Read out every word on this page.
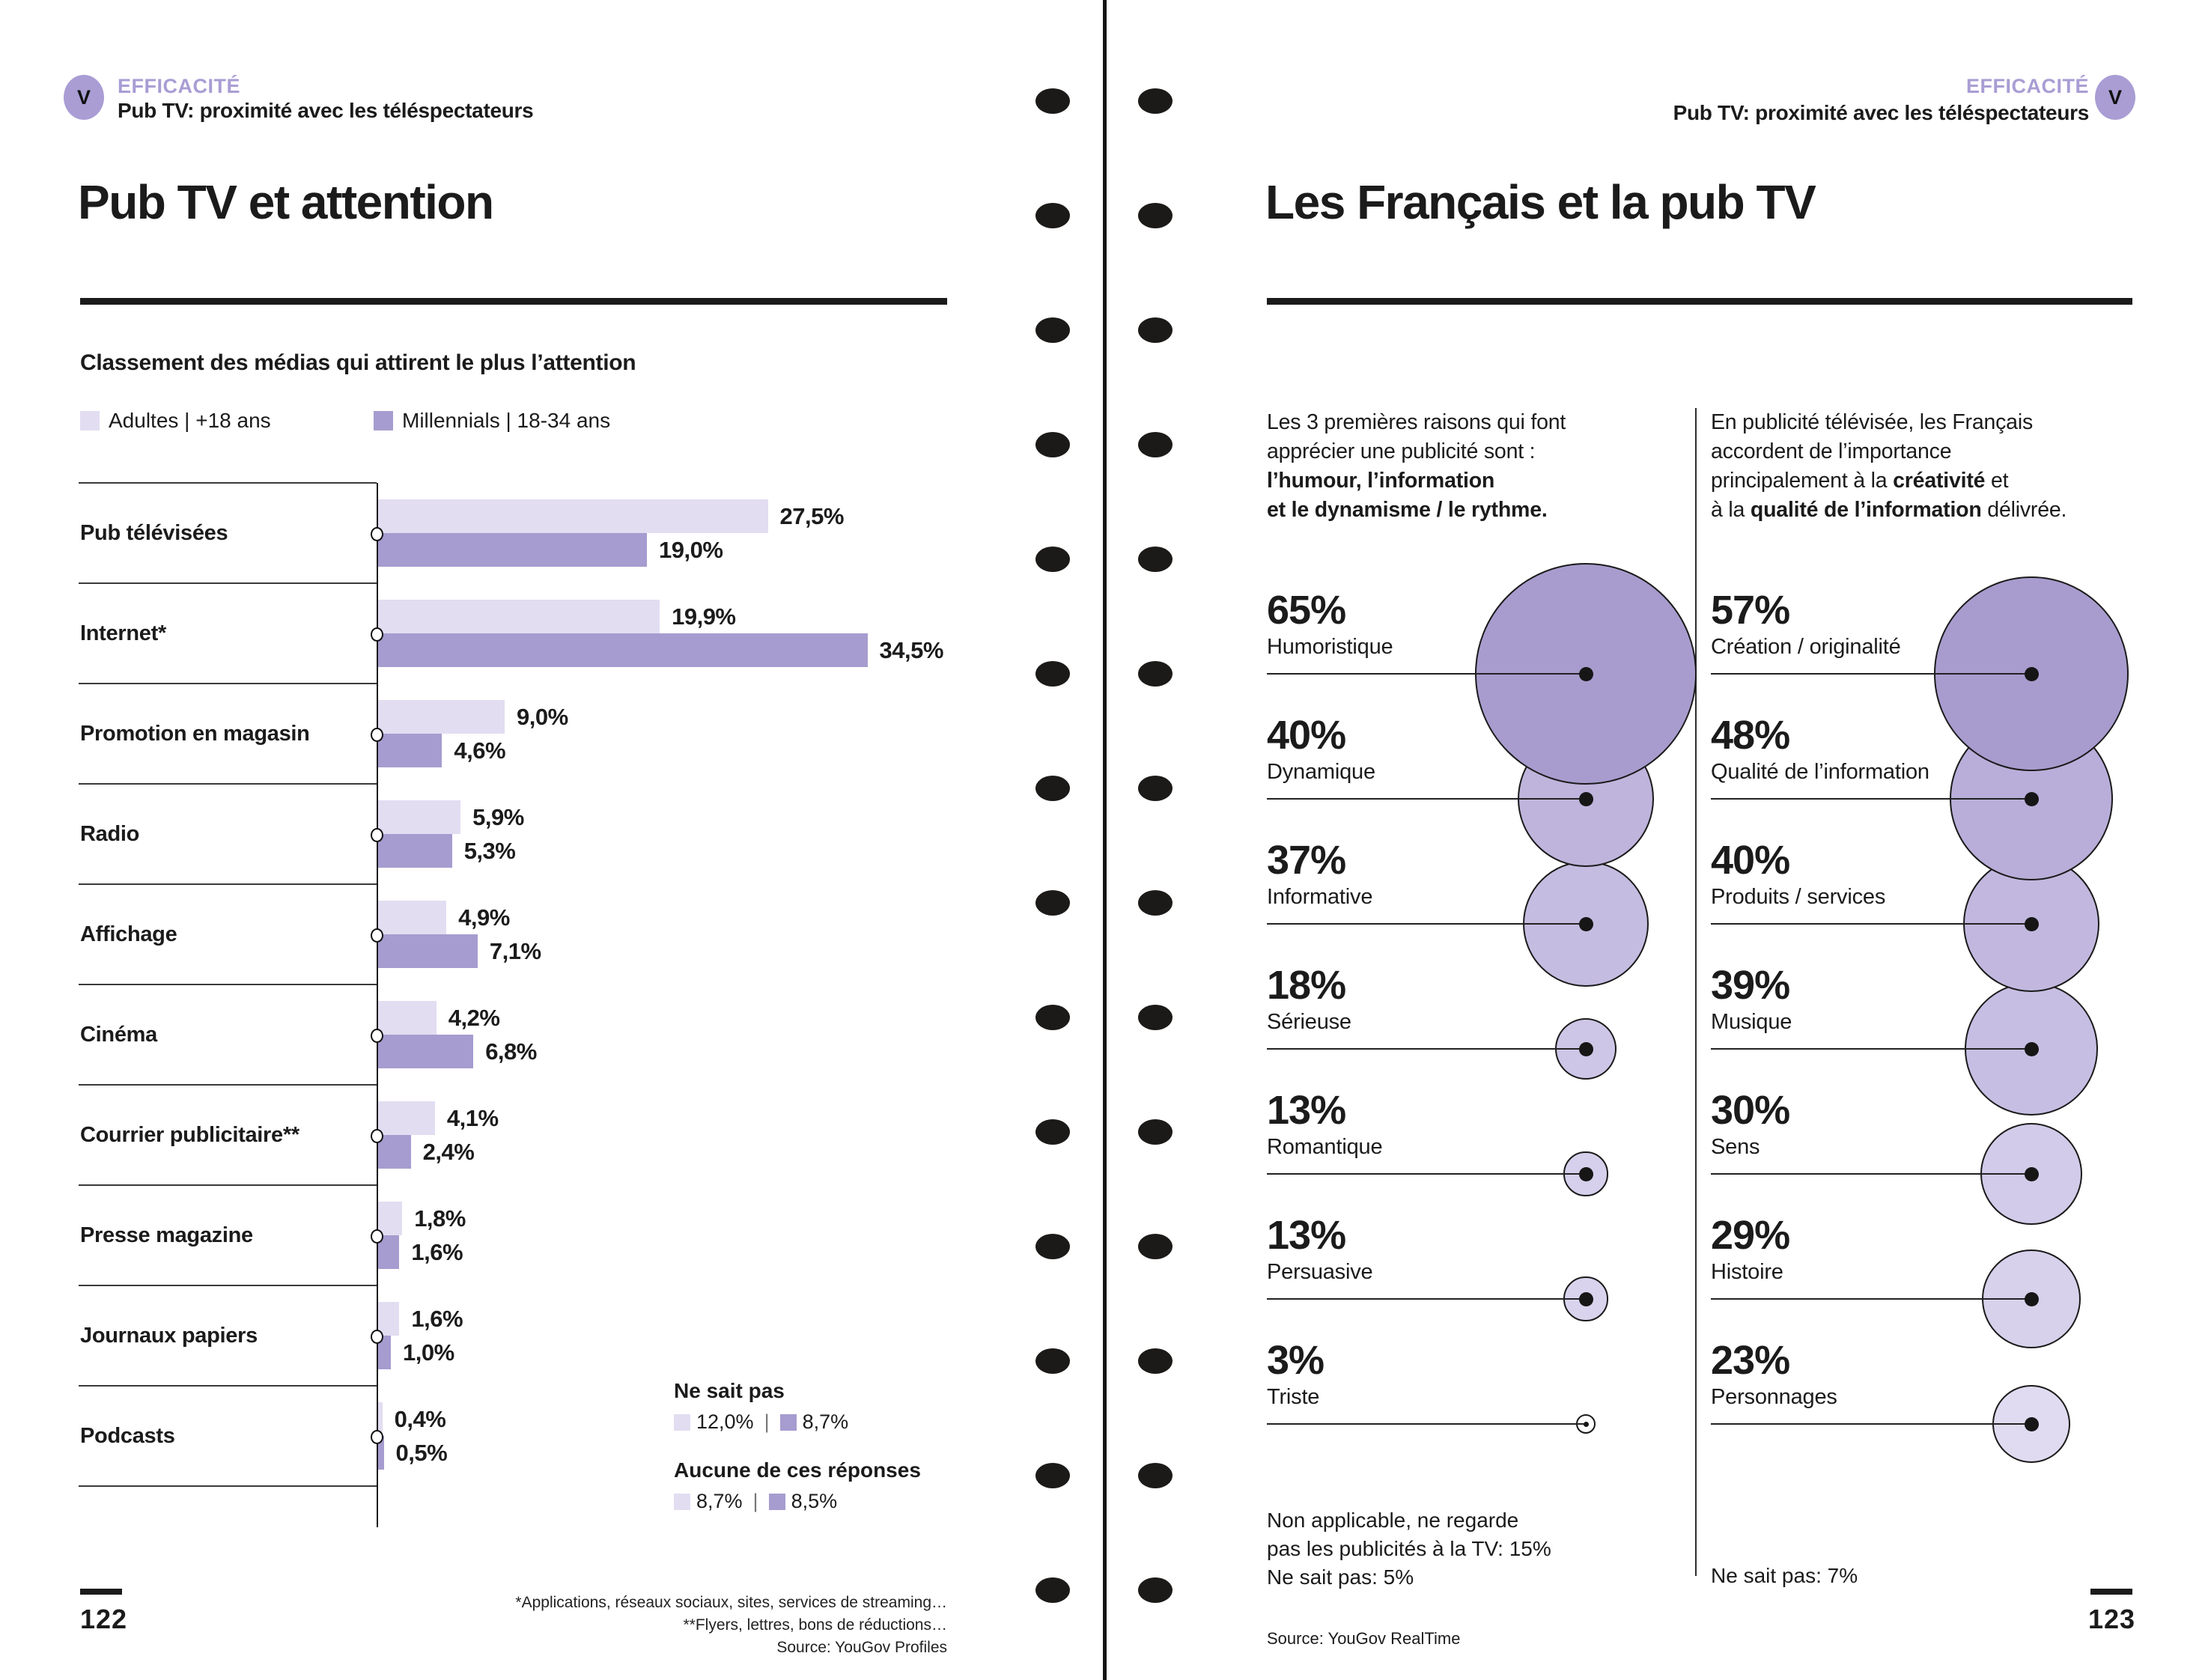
V	EFFICACITÉ
Pub TV: proximité avec les téléspectateurs
Pub TV et attention
Classement des médias qui attirent le plus l’attention
Ne sait pas
12,0% | 8,7%
Aucune de ces réponses
8,7% | 8,5%
*Applications, réseaux sociaux, sites, services de streaming…
**Flyers, lettres, bons de réductions…
Source: YouGov Profiles
122
EFFICACITÉ
Pub TV: proximité avec les téléspectateurs
V
Les Français et la pub TV
Les 3 premières raisons qui font
apprécier une publicité sont :
l’humour, l’information
et le dynamisme / le rythme.
En publicité télévisée, les Français
accordent de l’importance
principalement à la créativité et
à la qualité de l’information délivrée.
Non applicable, ne regarde
pas les publicités à la TV: 15%
Ne sait pas: 5%	Ne sait pas: 7%
Source: YouGov RealTime
123
Adultes | +18 ans	Millennials | 18-34 ans
Pub télévisées
27,5%
19,0%
Internet*
19,9%
34,5%
Promotion en magasin
9,0%
4,6%
Radio
5,9%
5,3%
Affichage
4,9%
7,1%
Cinéma
4,2%
6,8%
Courrier publicitaire**
4,1%
2,4%
Presse magazine
1,8%
1,6%
Journaux papiers
1,6%
1,0%
Podcasts
0,4%
0,5%
65%
Humoristique
40%
Dynamique
37%
Informative
18%
Sérieuse
13%
Romantique
13%
Persuasive
3%
Triste
57%
Création / originalité
48%
Qualité de l’information
40%
Produits / services
39%
Musique
30%
Sens
29%
Histoire
23%
Personnages
